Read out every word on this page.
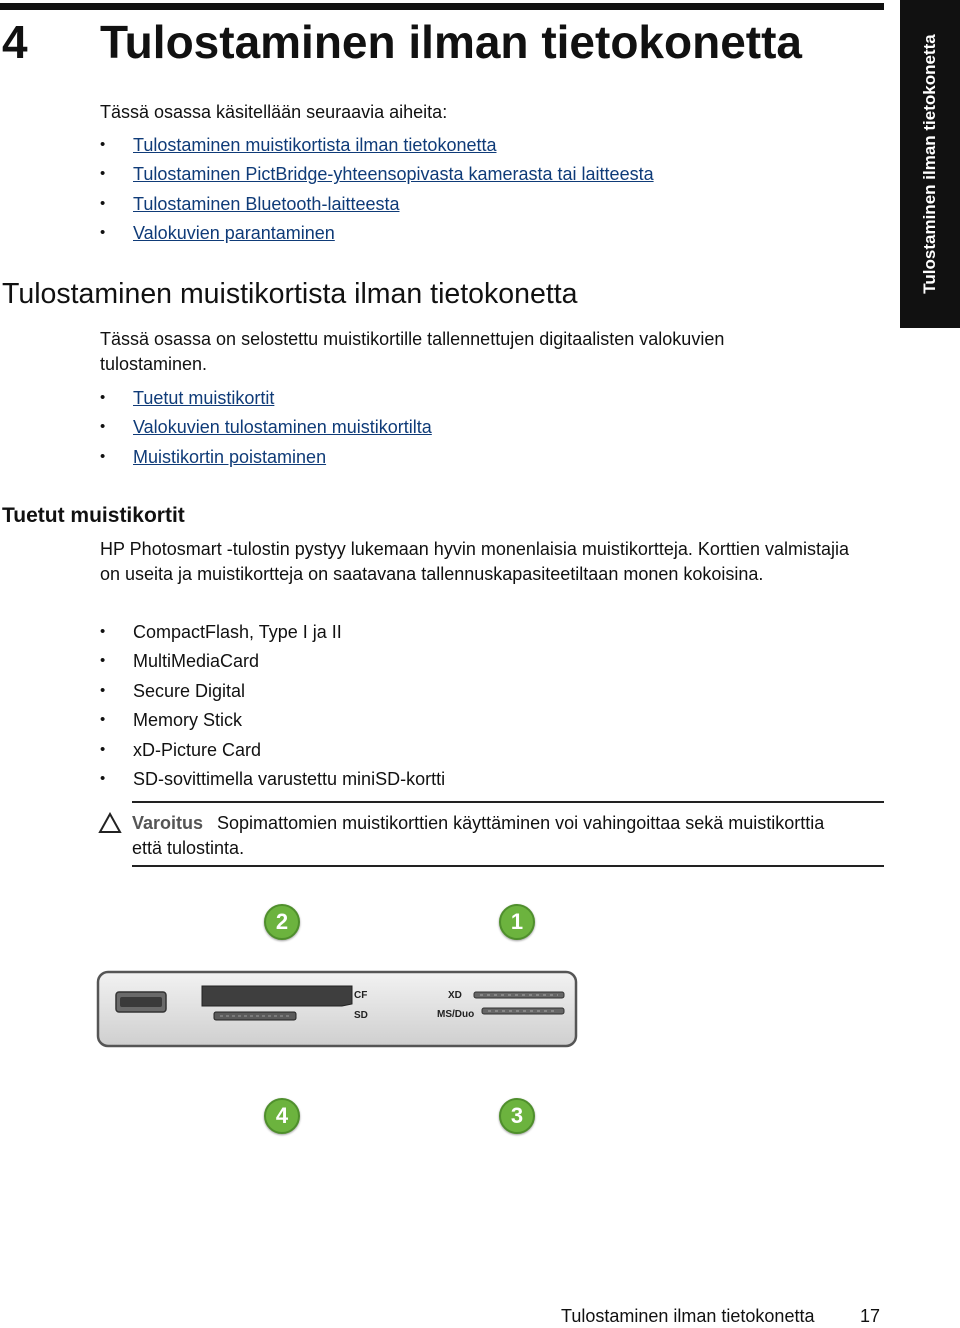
4 Tulostaminen ilman tietokonetta	Tulostaminen ilman tietokonetta
Tässä osassa käsitellään seuraavia aiheita:
• Tulostaminen muistikortista ilman tietokonetta
• Tulostaminen PictBridge-yhteensopivasta kamerasta tai laitteesta
• Tulostaminen Bluetooth-laitteesta
• Valokuvien parantaminen
Tulostaminen muistikortista ilman tietokonetta
Tässä osassa on selostettu muistikortille tallennettujen digitaalisten valokuvien tulostaminen.
• Tuetut muistikortit
• Valokuvien tulostaminen muistikortilta
• Muistikortin poistaminen
Tuetut muistikortit
HP Photosmart -tulostin pystyy lukemaan hyvin monenlaisia muistikortteja. Korttien valmistajia on useita ja muistikortteja on saatavana tallennuskapasiteetiltaan monen kokoisina.
• CompactFlash, Type I ja II
• MultiMediaCard
• Secure Digital
• Memory Stick
• xD-Picture Card
• SD-sovittimella varustettu miniSD-kortti
Varoitus Sopimattomien muistikorttien käyttäminen voi vahingoittaa sekä muistikorttia että tulostinta.
CF
SD
XD
MS/Duo
2	1
4	3
Tulostaminen ilman tietokonetta	17
